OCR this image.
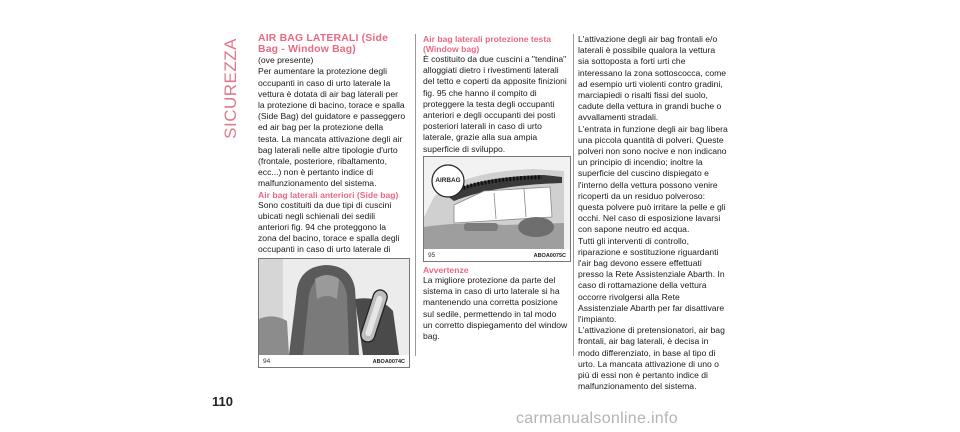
SICUREZZA AIR BAG LATERALI (Side Bag - Window Bag)

(ove presente)

Per aumentare la protezione degli occupanti in caso di urto laterale la vettura è dotata di air bag laterali per la protezione di bacino, torace e spalla (Side Bag) del guidatore e passeggero ed air bag per la protezione della testa. La mancata attivazione degli air bag laterali nelle altre tipologie d'urto (frontale, posteriore, ribaltamento, ecc...) non è pertanto indice di malfunzionamento del sistema.

Air bag laterali anteriori (Side bag)

Sono costituiti da due tipi di cuscini ubicati negli schienali dei sedili anteriori fig. 94 che proteggono la zona del bacino, torace e spalla degli occupanti in caso di urto laterale di

94	ABOA0074C

Air bag laterali protezione testa (Window bag)

È costituito da due cuscini a "tendina" alloggiati dietro i rivestimenti laterali del tetto e coperti da apposite finizioni fig. 95 che hanno il compito di proteggere la testa degli occupanti anteriori e degli occupanti dei posti posteriori laterali in caso di urto laterale, grazie alla sua ampia superficie di sviluppo.

AIRBAG
95	ABOA0075C

Avvertenze

La migliore protezione da parte del sistema in caso di urto laterale si ha mantenendo una corretta posizione sul sedile, permettendo in tal modo un corretto dispiegamento del window bag.

L'attivazione degli air bag frontali e/o laterali è possibile qualora la vettura sia sottoposta a forti urti che interessano la zona sottoscocca, come ad esempio urti violenti contro gradini, marciapiedi o risalti fissi del suolo, cadute della vettura in grandi buche o avvallamenti stradali.

L'entrata in funzione degli air bag libera una piccola quantità di polveri. Queste polveri non sono nocive e non indicano un principio di incendio; inoltre la superficie del cuscino dispiegato e l'interno della vettura possono venire ricoperti da un residuo polveroso: questa polvere può irritare la pelle e gli occhi. Nel caso di esposizione lavarsi con sapone neutro ed acqua.

Tutti gli interventi di controllo, riparazione e sostituzione riguardanti l'air bag devono essere effettuati presso la Rete Assistenziale Abarth. In caso di rottamazione della vettura occorre rivolgersi alla Rete Assistenziale Abarth per far disattivare l'impianto.

L'attivazione di pretensionatori, air bag frontali, air bag laterali, è decisa in modo differenziato, in base al tipo di urto. La mancata attivazione di uno o più di essi non è pertanto indice di malfunzionamento del sistema.

110
carmanualsonline.info
